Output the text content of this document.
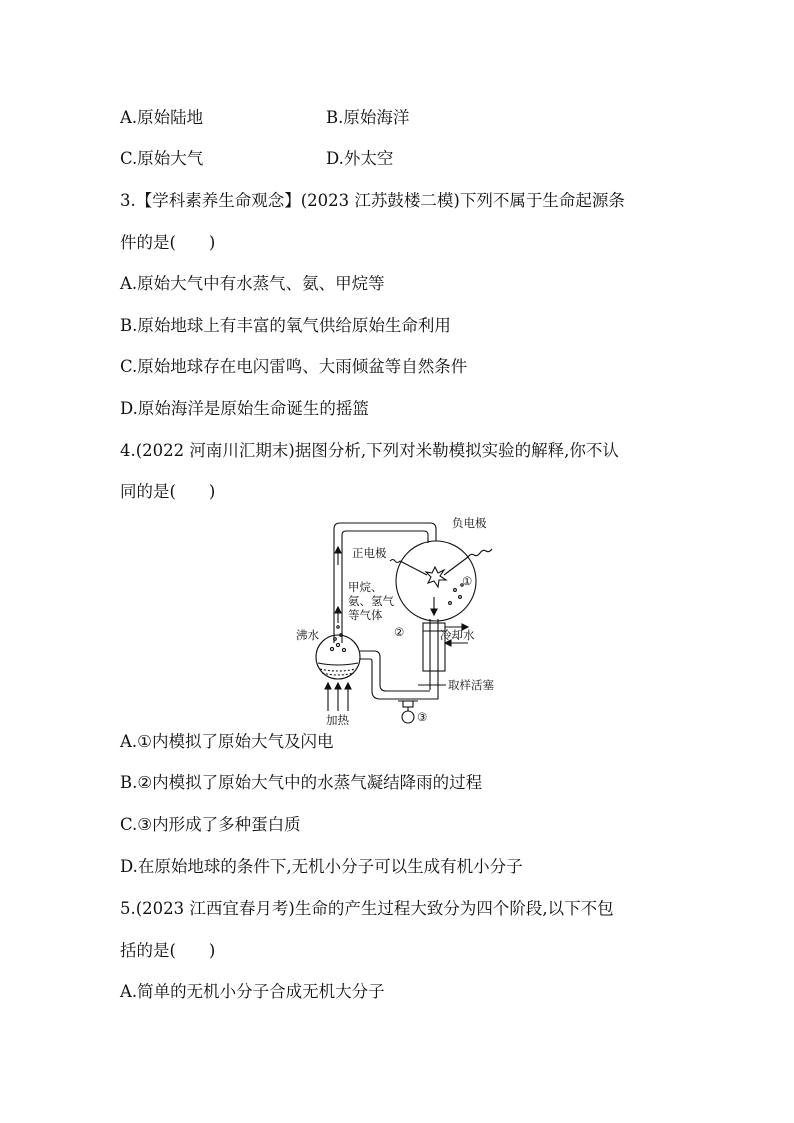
A.原始陆地	B.原始海洋
C.原始大气	D.外太空
3.【学科素养生命观念】(2023 江苏鼓楼二模)下列不属于生命起源条
件的是(　　)
A.原始大气中有水蒸气、氨、甲烷等
B.原始地球上有丰富的氧气供给原始生命利用
C.原始地球存在电闪雷鸣、大雨倾盆等自然条件
D.原始海洋是原始生命诞生的摇篮
4.(2022 河南川汇期末)据图分析,下列对米勒模拟实验的解释,你不认
同的是(　　)
负电极
正电极
甲烷、
氨、氢气
等气体
沸水	冷却水
取样活塞
加热
①
②
③
A.①内模拟了原始大气及闪电
B.②内模拟了原始大气中的水蒸气凝结降雨的过程
C.③内形成了多种蛋白质
D.在原始地球的条件下,无机小分子可以生成有机小分子
5.(2023 江西宜春月考)生命的产生过程大致分为四个阶段,以下不包
括的是(　　)
A.简单的无机小分子合成无机大分子
